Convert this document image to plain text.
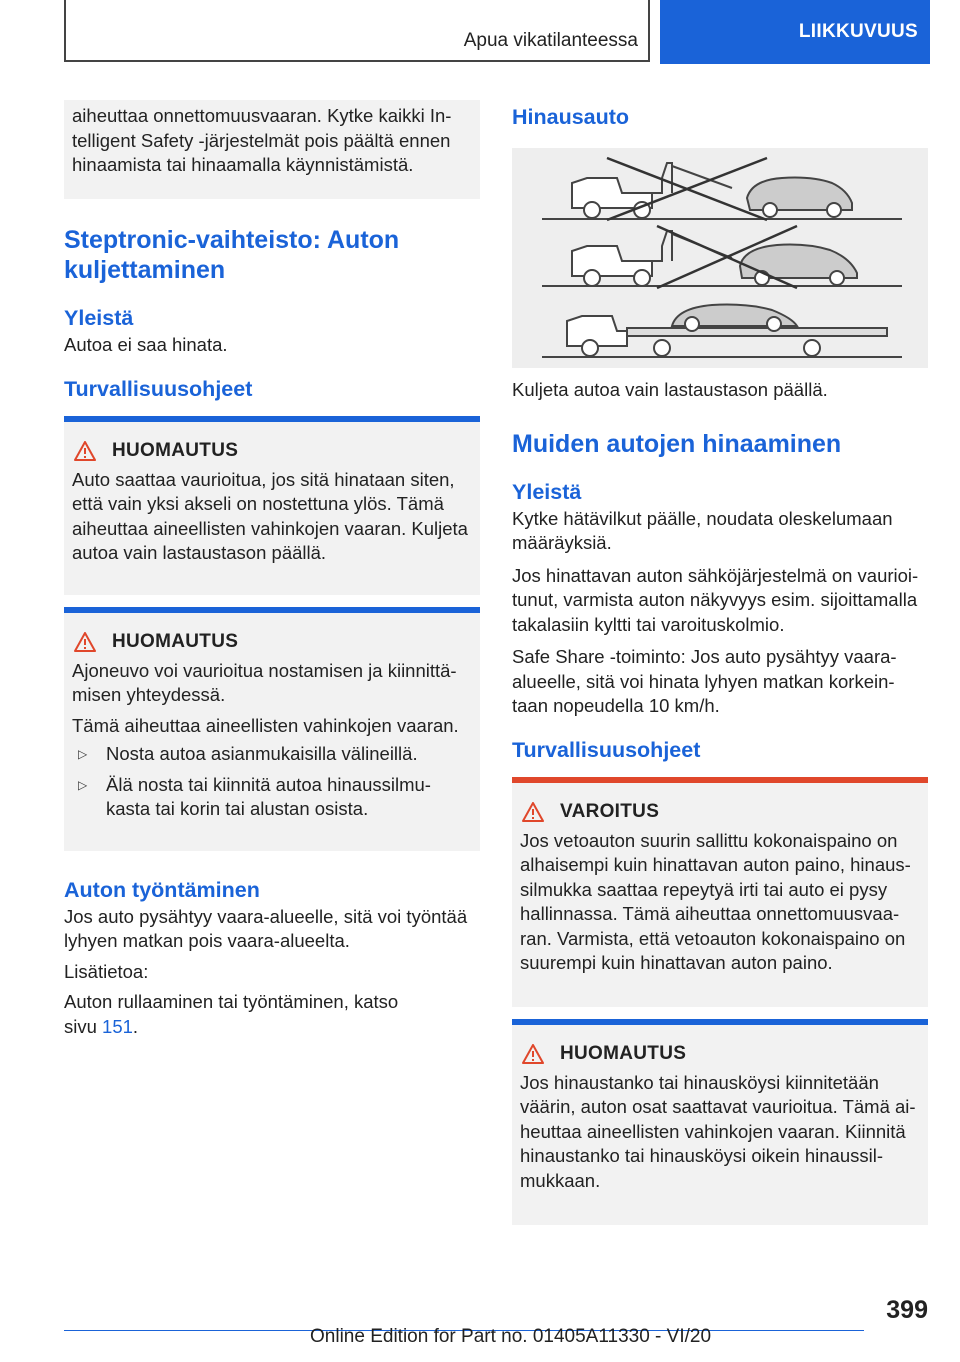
Apua vikatilanteessa	LIIKKUVUUS

aiheuttaa onnettomuusvaaran. Kytke kaikki In-telligent Safety -järjestelmät pois päältä ennen hinaamista tai hinaamalla käynnistämistä.

Steptronic-vaihteisto: Auton kuljettaminen
Yleistä

Autoa ei saa hinata.

Turvallisuusohjeet
HUOMAUTUS

Auto saattaa vaurioitua, jos sitä hinataan siten, että vain yksi akseli on nostettuna ylös. Tämä aiheuttaa aineellisten vahinkojen vaaran. Kuljeta autoa vain lastaustason päällä.

HUOMAUTUS

Ajoneuvo voi vaurioitua nostamisen ja kiinnittä-misen yhteydessä.

Tämä aiheuttaa aineellisten vahinkojen vaaran.

▷	Nosta autoa asianmukaisilla välineillä.
▷	Älä nosta tai kiinnitä autoa hinaussilmu-kasta tai korin tai alustan osista.
Auton työntäminen

Jos auto pysähtyy vaara-alueelle, sitä voi työntää lyhyen matkan pois vaara-alueelta.

Lisätietoa:

Auton rullaaminen tai työntäminen, katso sivu 151.

Hinausauto

Kuljeta autoa vain lastaustason päällä.

Muiden autojen hinaaminen
Yleistä

Kytke hätävilkut päälle, noudata oleskelumaan määräyksiä.

Jos hinattavan auton sähköjärjestelmä on vaurioi-tunut, varmista auton näkyvyys esim. sijoittamalla takalasiin kyltti tai varoituskolmio.

Safe Share -toiminto: Jos auto pysähtyy vaara-alueelle, sitä voi hinata lyhyen matkan korkein-taan nopeudella 10 km/h.

Turvallisuusohjeet
VAROITUS

Jos vetoauton suurin sallittu kokonaispaino on alhaisempi kuin hinattavan auton paino, hinaus-silmukka saattaa repeytyä irti tai auto ei pysy hallinnassa. Tämä aiheuttaa onnettomuusvaa-ran. Varmista, että vetoauton kokonaispaino on suurempi kuin hinattavan auton paino.

HUOMAUTUS

Jos hinaustanko tai hinausköysi kiinnitetään väärin, auton osat saattavat vaurioitua. Tämä ai-heuttaa aineellisten vahinkojen vaaran. Kiinnitä hinaustanko tai hinausköysi oikein hinaussil-mukkaan.

399
Online Edition for Part no. 01405A11330 - VI/20
